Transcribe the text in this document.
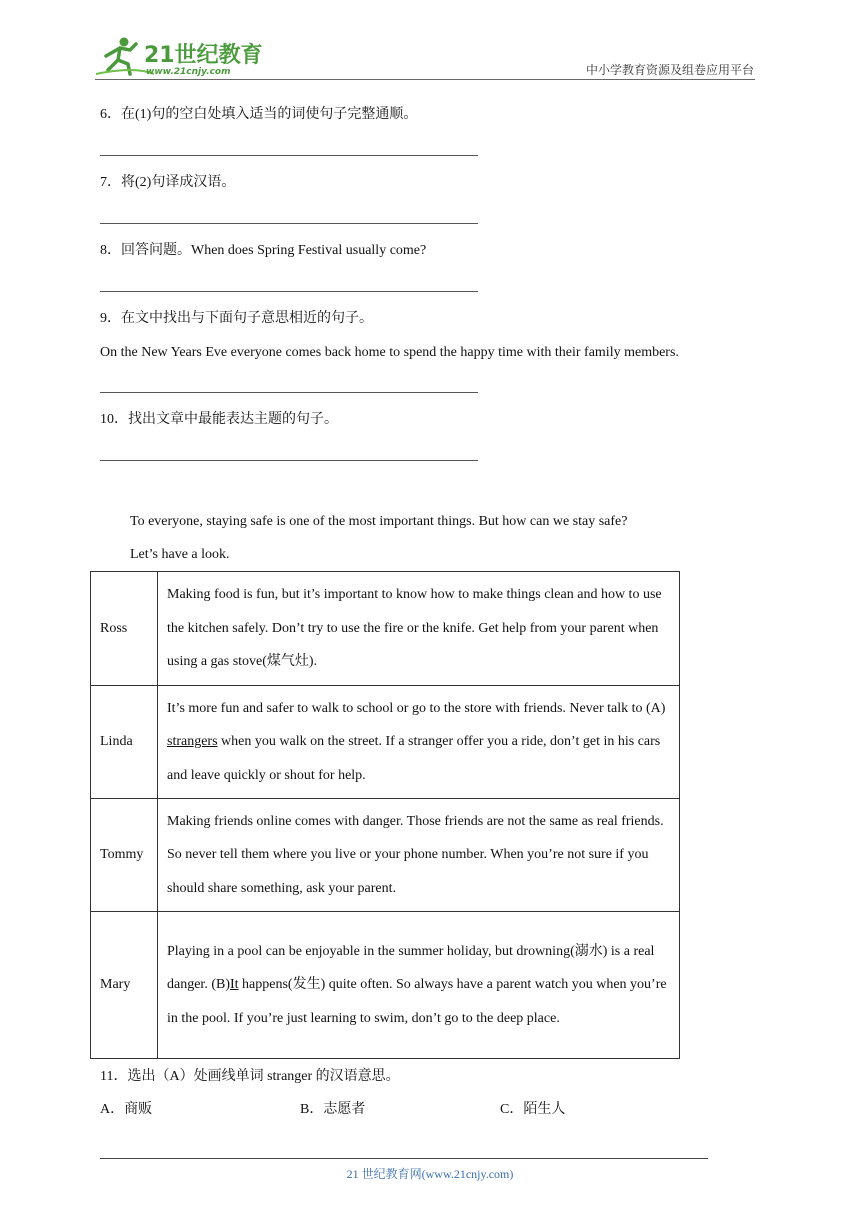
21世纪教育
www.21cnjy.com	中小学教育资源及组卷应用平台
6．在(1)句的空白处填入适当的词使句子完整通顺。
7．将(2)句译成汉语。
8．回答问题。When does Spring Festival usually come?
9．在文中找出与下面句子意思相近的句子。
On the New Years Eve everyone comes back home to spend the happy time with their family members.
10．找出文章中最能表达主题的句子。
To everyone, staying safe is one of the most important things. But how can we stay safe?
Let’s have a look.
Ross	Making food is fun, but it’s important to know how to make things clean and how to use the kitchen safely. Don’t try to use the fire or the knife. Get help from your parent when using a gas stove(煤气灶).
Linda	It’s more fun and safer to walk to school or go to the store with friends. Never talk to (A) strangers when you walk on the street. If a stranger offer you a ride, don’t get in his cars and leave quickly or shout for help.
Tommy	Making friends online comes with danger. Those friends are not the same as real friends. So never tell them where you live or your phone number. When you’re not sure if you should share something, ask your parent.
Mary	Playing in a pool can be enjoyable in the summer holiday, but drowning(溺水) is a real danger. (B)It happens(发生) quite often. So always have a parent watch you when you’re in the pool. If you’re just learning to swim, don’t go to the deep place.
11．选出（A）处画线单词 stranger 的汉语意思。
A．商贩	B．志愿者	C．陌生人
21 世纪教育网(www.21cnjy.com)
